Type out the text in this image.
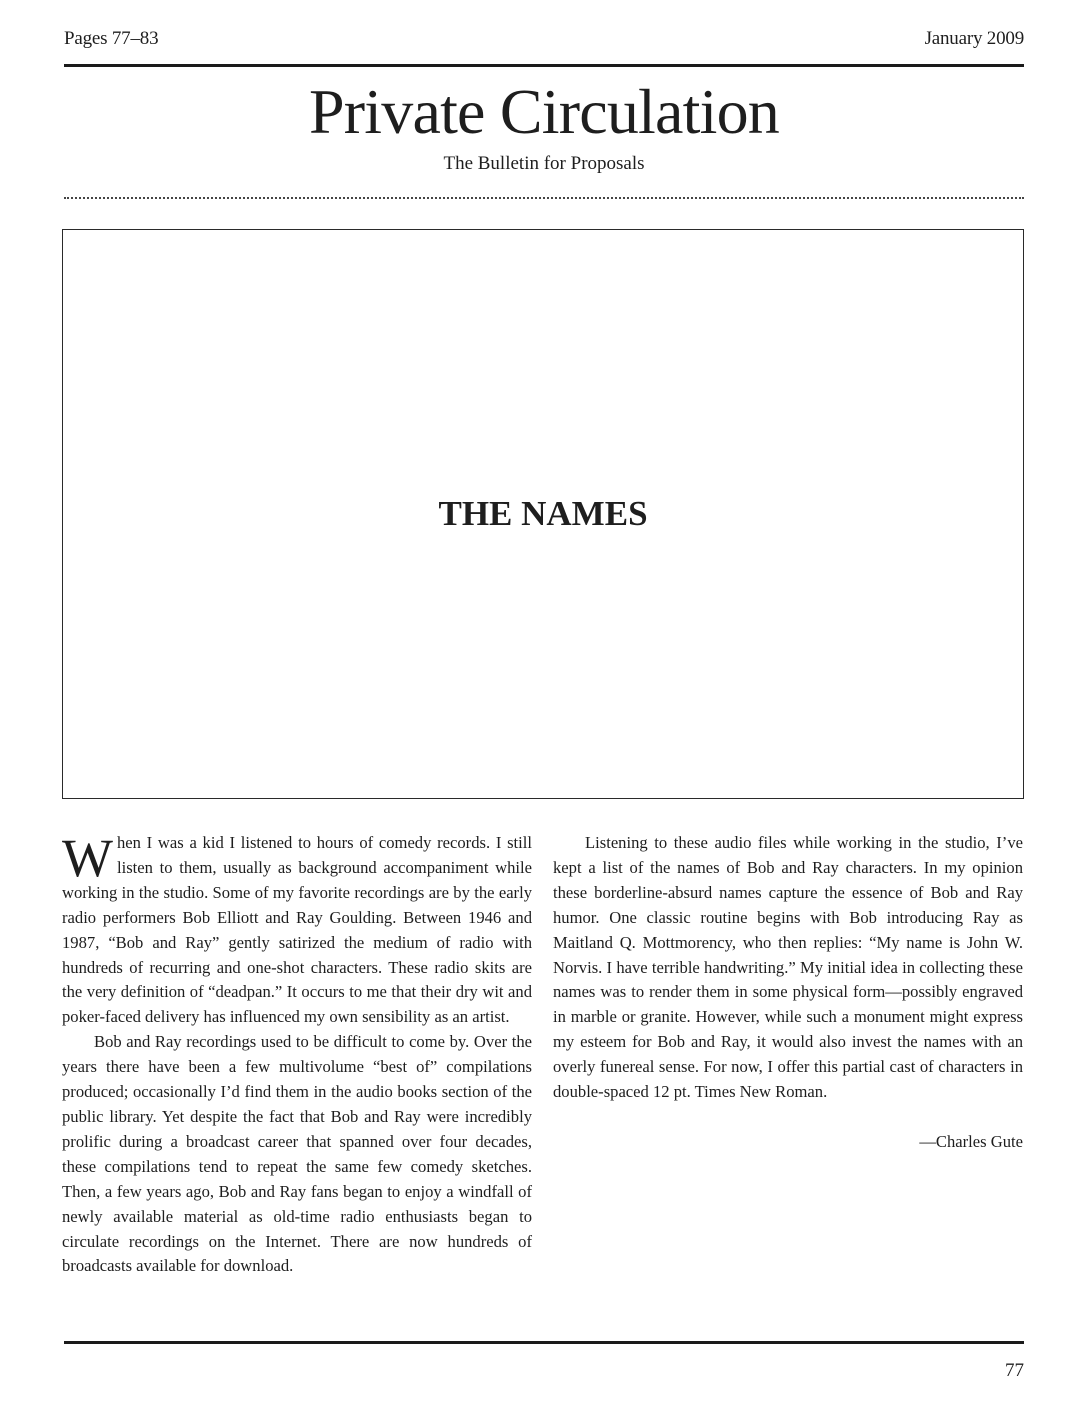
Pages 77–83	January 2009
Private Circulation
The Bulletin for Proposals
THE NAMES

When I was a kid I listened to hours of comedy records. I still listen to them, usually as background accompaniment while working in the studio. Some of my favorite recordings are by the early radio performers Bob Elliott and Ray Goulding. Between 1946 and 1987, “Bob and Ray” gently satirized the medium of radio with hundreds of recurring and one-shot characters. These radio skits are the very definition of “deadpan.” It occurs to me that their dry wit and poker-faced delivery has influenced my own sensibility as an artist.

Bob and Ray recordings used to be difficult to come by. Over the years there have been a few multivolume “best of” compilations produced; occasionally I’d find them in the audio books section of the public library. Yet despite the fact that Bob and Ray were incredibly prolific during a broadcast career that spanned over four decades, these compilations tend to repeat the same few comedy sketches. Then, a few years ago, Bob and Ray fans began to enjoy a windfall of newly available material as old-time radio enthusiasts began to circulate recordings on the Internet. There are now hundreds of broadcasts available for download.

Listening to these audio files while working in the studio, I’ve kept a list of the names of Bob and Ray characters. In my opinion these borderline-absurd names capture the essence of Bob and Ray humor. One classic routine begins with Bob introducing Ray as Maitland Q. Mottmorency, who then replies: “My name is John W. Norvis. I have terrible handwriting.” My initial idea in collecting these names was to render them in some physical form—possibly engraved in marble or granite. However, while such a monument might express my esteem for Bob and Ray, it would also invest the names with an overly funereal sense. For now, I offer this partial cast of characters in double-spaced 12 pt. Times New Roman.

—Charles Gute

77
